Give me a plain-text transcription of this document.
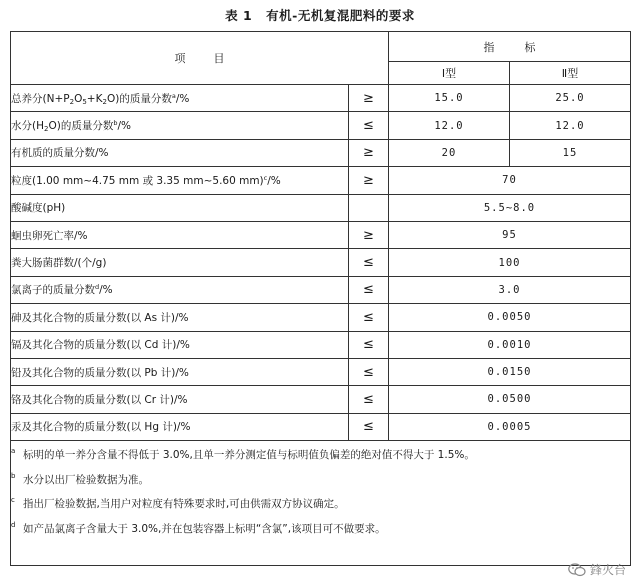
表 1 有机-无机复混肥料的要求
项目		指标	
		Ⅰ型	Ⅱ型
总养分$(N+P_2O_5+K_2O)$的质量分数$^a$/%	≥	15.0	25.0
水分$(H_2O)$的质量分数$^b$/%	≤	12.0	12.0
有机质的质量分数/%	≥	20	15
粒度(1.00 mm~4.75 mm 或 3.35 mm~5.60 mm)$^c$/%	≥	70	
酸碱度(pH)		5.5~8.0	
蛔虫卵死亡率/%	≥	95	
粪大肠菌群数/(个/g)	≤	100	
氯离子的质量分数$^d$/%	≤	3.0	
砷及其化合物的质量分数(以 As 计)/%	≤	0.0050	
镉及其化合物的质量分数(以 Cd 计)/%	≤	0.0010	
铅及其化合物的质量分数(以 Pb 计)/%	≤	0.0150	
铬及其化合物的质量分数(以 Cr 计)/%	≤	0.0500	
汞及其化合物的质量分数(以 Hg 计)/%	≤	0.0005	

$^a$ 标明的单一养分含量不得低于 3.0%,且单一养分测定值与标明值负偏差的绝对值不得大于 1.5%。
$^b$ 水分以出厂检验数据为准。
$^c$ 指出厂检验数据,当用户对粒度有特殊要求时,可由供需双方协议确定。
$^d$ 如产品氯离子含量大于 3.0%,并在包装容器上标明“含氯”,该项目可不做要求。			
鋒火台
